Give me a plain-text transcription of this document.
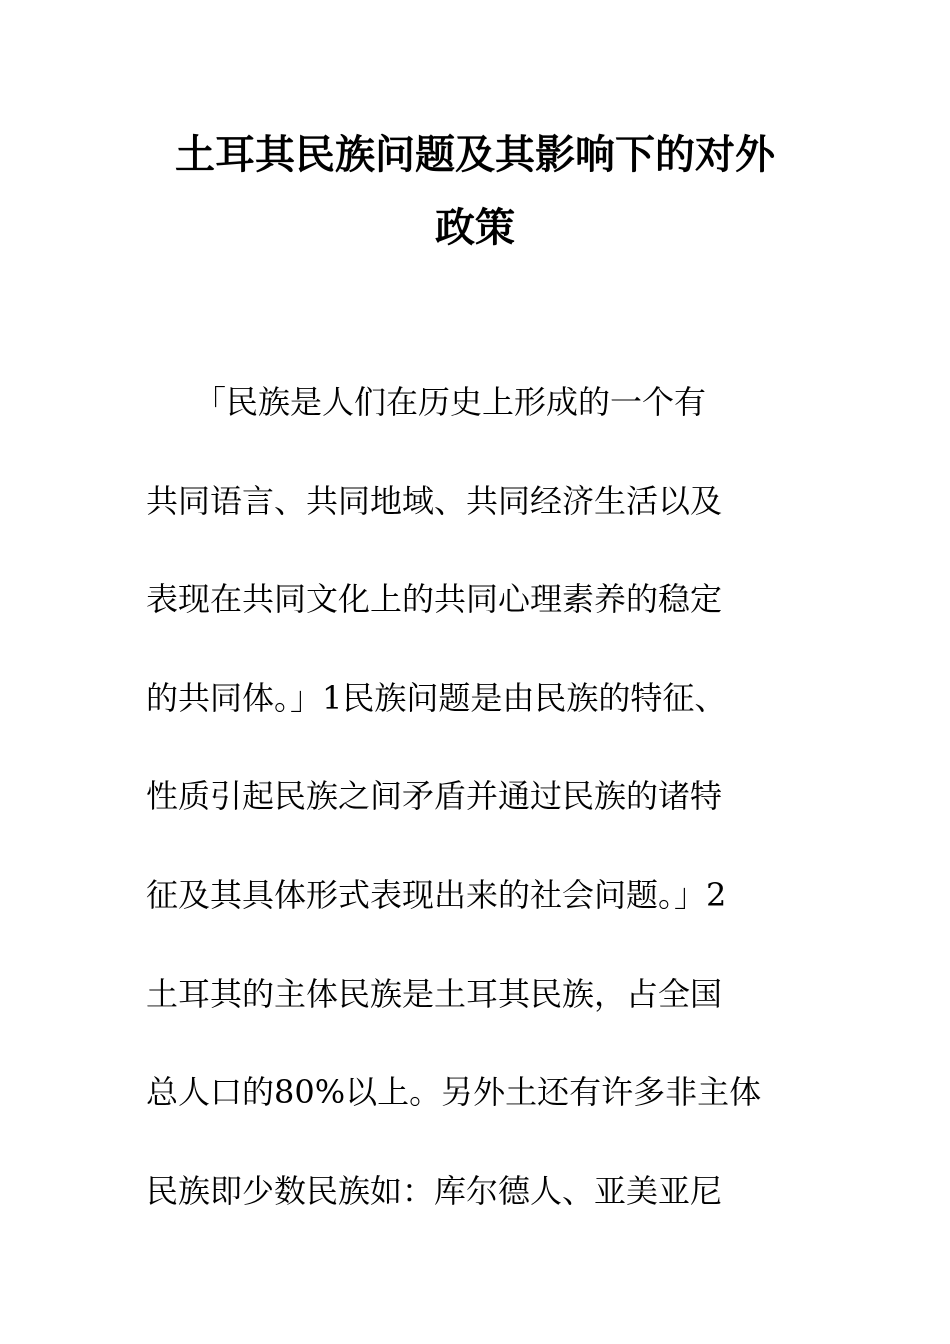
土耳其民族问题及其影响下的对外
政策
　　「民族是人们在历史上形成的一个有
共同语言、共同地域、共同经济生活以及
表现在共同文化上的共同心理素养的稳定
的共同体。」1民族问题是由民族的特征、
性质引起民族之间矛盾并通过民族的诸特
征及其具体形式表现出来的社会问题。」2
土耳其的主体民族是土耳其民族，占全国
总人口的80%以上。另外土还有许多非主体
民族即少数民族如：库尔德人、亚美亚尼
